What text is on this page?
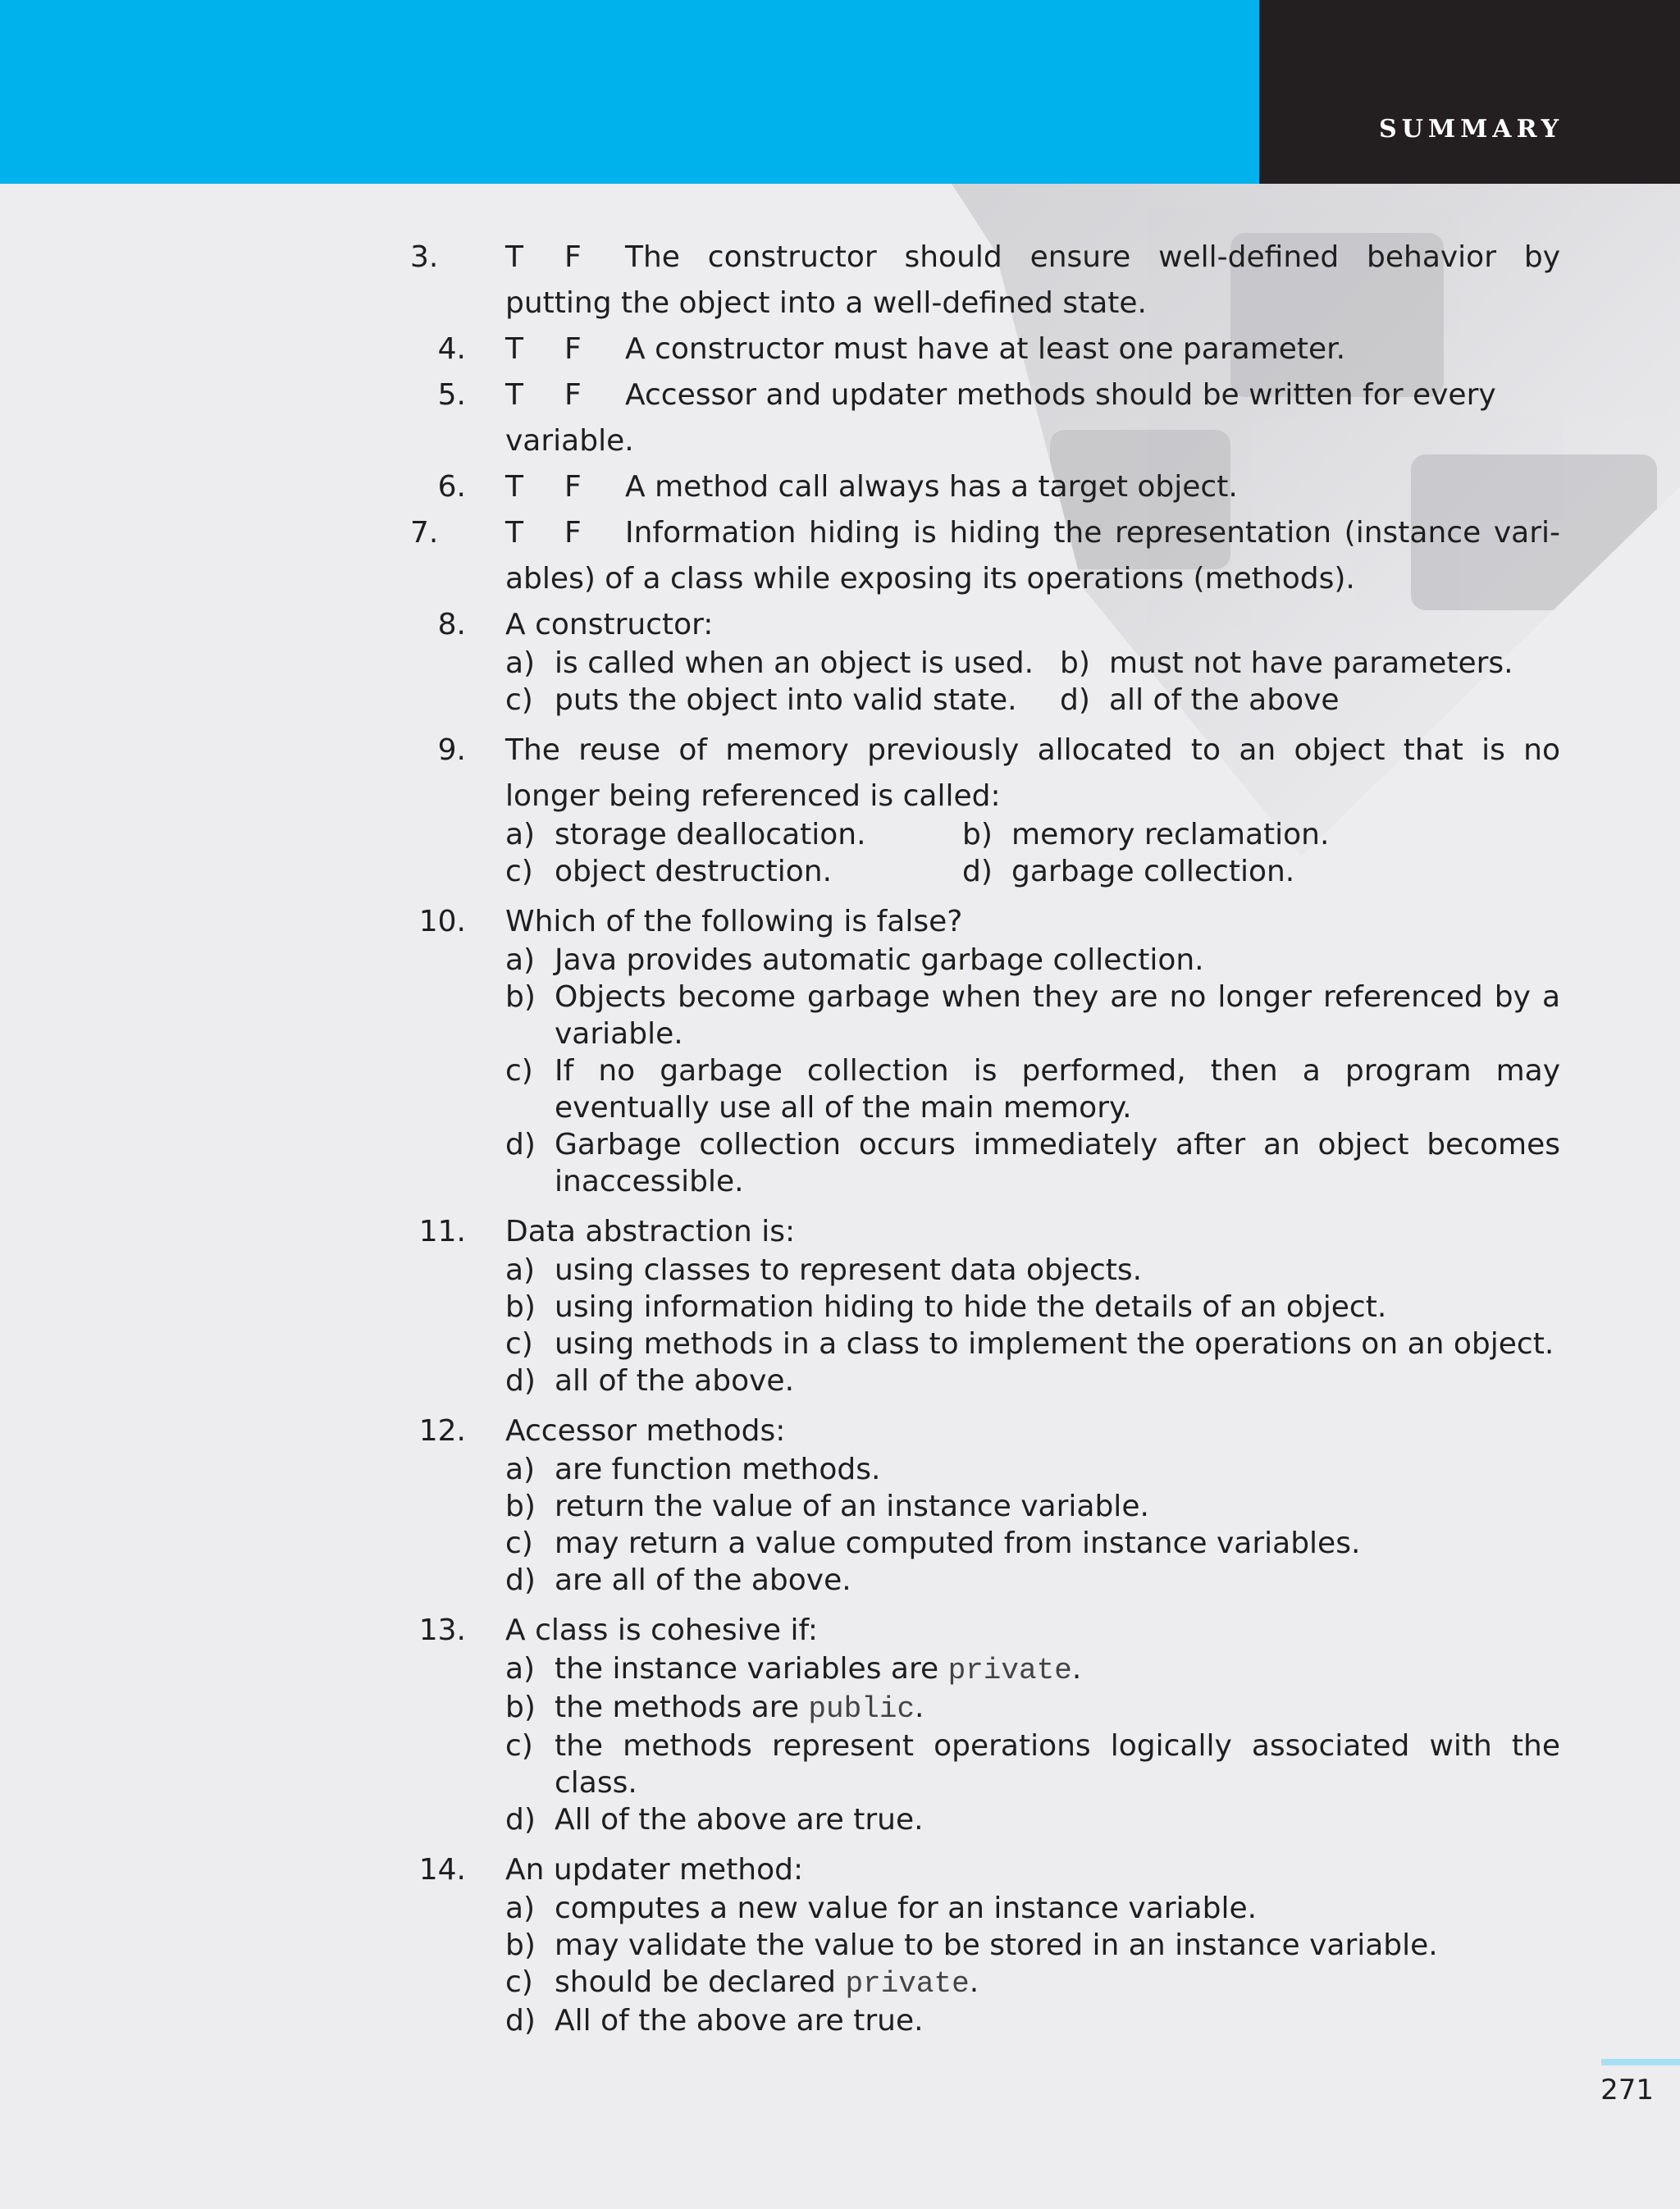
SUMMARY
3.	T F The constructor should ensure well-defined behavior by putting the object into a well-defined state.
4. T F A constructor must have at least one parameter.
5. T F Accessor and updater methods should be written for every variable.
6. T F A method call always has a target object.
7.	T F Information hiding is hiding the representation (instance vari-ables) of a class while exposing its operations (methods).
8. A constructor:
a) is called when an object is used. b) must not have parameters.
c) puts the object into valid state.	d) all of the above
9. The reuse of memory previously allocated to an object that is no longer being referenced is called:
a) storage deallocation.	b) memory reclamation.
c) object destruction.	d) garbage collection.
10. Which of the following is false?
a) Java provides automatic garbage collection.
b) Objects become garbage when they are no longer referenced by a variable.
c) If no garbage collection is performed, then a program may eventually use all of the main memory.
d) Garbage collection occurs immediately after an object becomes inaccessible.
11. Data abstraction is:
a) using classes to represent data objects.
b) using information hiding to hide the details of an object.
c) using methods in a class to implement the operations on an object.
d) all of the above.
12. Accessor methods:
a) are function methods.
b) return the value of an instance variable.
c) may return a value computed from instance variables.
d) are all of the above.
13. A class is cohesive if:
a) the instance variables are private.
b) the methods are public.
c) the methods represent operations logically associated with the class.
d) All of the above are true.
14. An updater method:
a) computes a new value for an instance variable.
b) may validate the value to be stored in an instance variable.
c) should be declared private.
d) All of the above are true.
271
